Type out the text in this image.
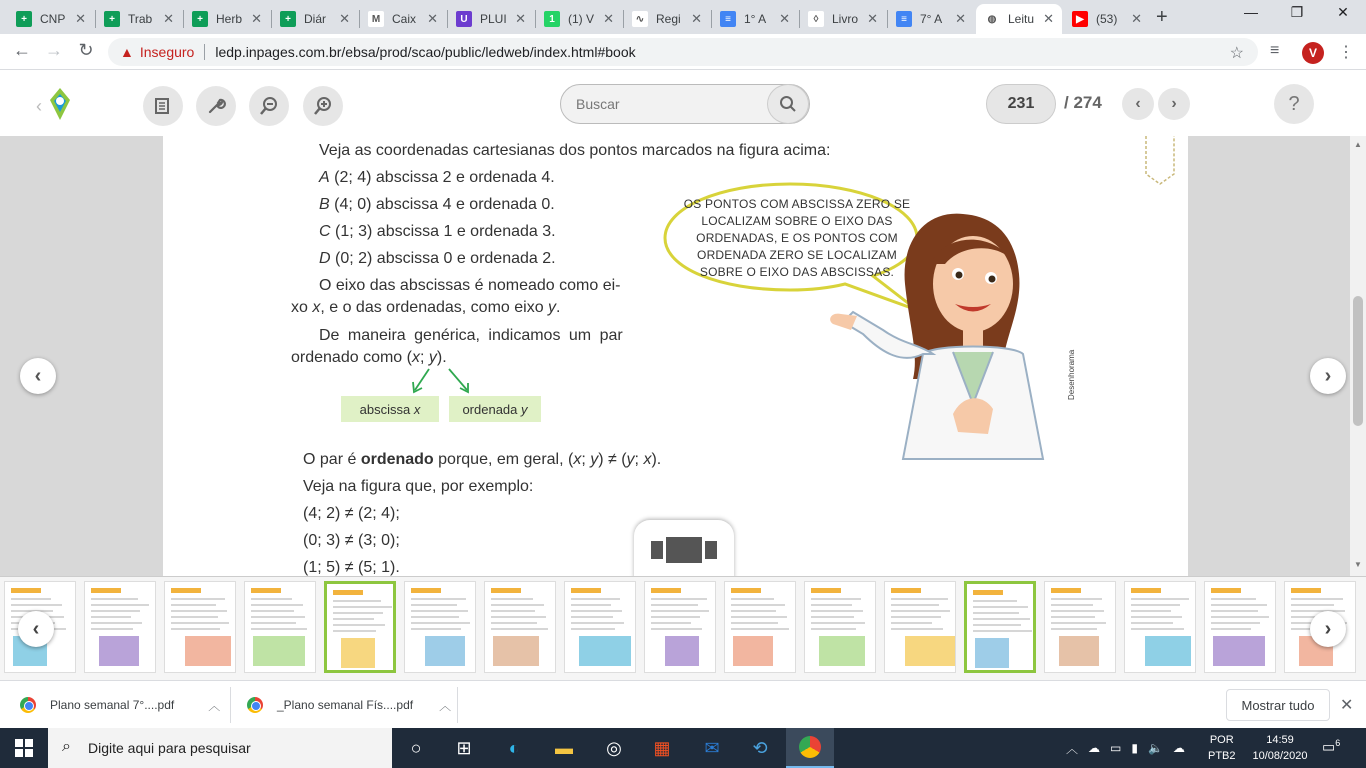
+	CNP ✕	+	Trab ✕	+	Herb ✕	+	Diár	✕	M Caix ✕	U	PLUI ✕	1	(1) V ✕	∿ Regi ✕	≡	1° A ✕	◊	Livro ✕	≡	7° A ✕	◍ Leitu ✕	▶	(53)	✕ +	—	❐	✕
← → ↻	▲ Inseguro ledp.inpages.com.br/ebsa/prod/scao/public/ledweb/index.html#book	☆ ≡	V	⋮
‹	Buscar	231	/ 274	‹	›	?
Veja as coordenadas cartesianas dos pontos marcados na figura acima:
A (2; 4) abscissa 2 e ordenada 4.
B (4; 0) abscissa 4 e ordenada 0.
C (1; 3) abscissa 1 e ordenada 3.
D (0; 2) abscissa 0 e ordenada 2.
O eixo das abscissas é nomeado como ei-
xo x, e o das ordenadas, como eixo y.
De maneira genérica, indicamos um par
ordenado como (x; y).
abscissa
x	ordenada
y
O par é ordenado porque, em geral, (x; y) ≠ (y; x).
Veja na figura que, por exemplo:
(4; 2) ≠ (2; 4);
(0; 3) ≠ (3; 0);
(1; 5) ≠ (5; 1).
OS PONTOS COM ABSCISSA ZERO SE LOCALIZAM SOBRE O EIXO DAS ORDENADAS, E OS PONTOS COM ORDENADA ZERO SE LOCALIZAM SOBRE O EIXO DAS ABSCISSAS.
Desenhorama
‹	›
▲
▼
‹	›
Plano semanal 7°....pdf	︿	_Plano semanal Fís....pdf ︿	Mostrar tudo	✕
⌕ Digite aqui para pesquisar	○	⊞	◐	▬	◎	▦	✉	⟲	︿ ☁ ▭ ▮ 🔈 ☁
POR
PTB2
14:59
10/08/2020
▭$^6$
